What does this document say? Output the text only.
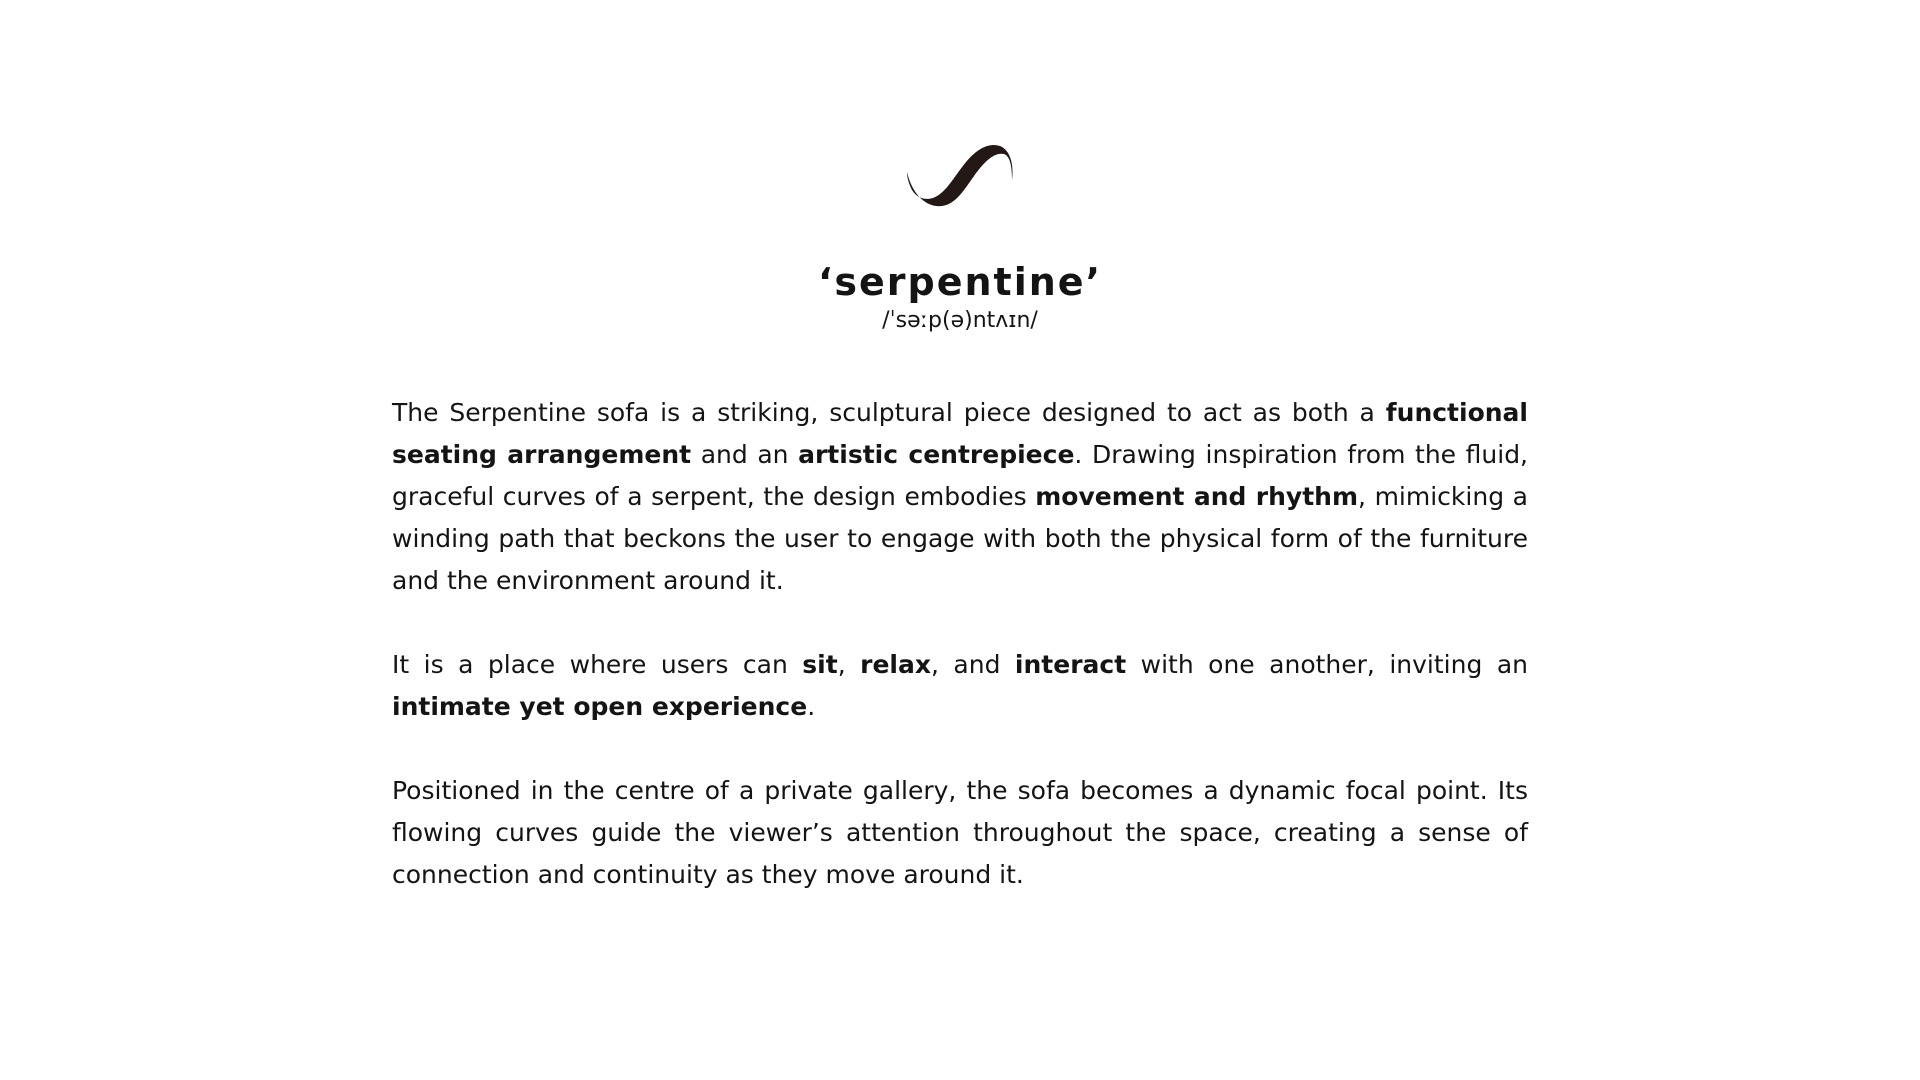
‘serpentine’
/ˈsəːp(ə)ntʌɪn/

The Serpentine sofa is a striking, sculptural piece designed to act as both a functional seating arrangement and an artistic centrepiece. Drawing inspiration from the fluid, graceful curves of a serpent, the design embodies movement and rhythm, mimicking a winding path that beckons the user to engage with both the physical form of the furniture and the environment around it.

It is a place where users can sit, relax, and interact with one another, inviting an intimate yet open experience.

Positioned in the centre of a private gallery, the sofa becomes a dynamic focal point. Its flowing curves guide the viewer’s attention throughout the space, creating a sense of connection and continuity as they move around it.
